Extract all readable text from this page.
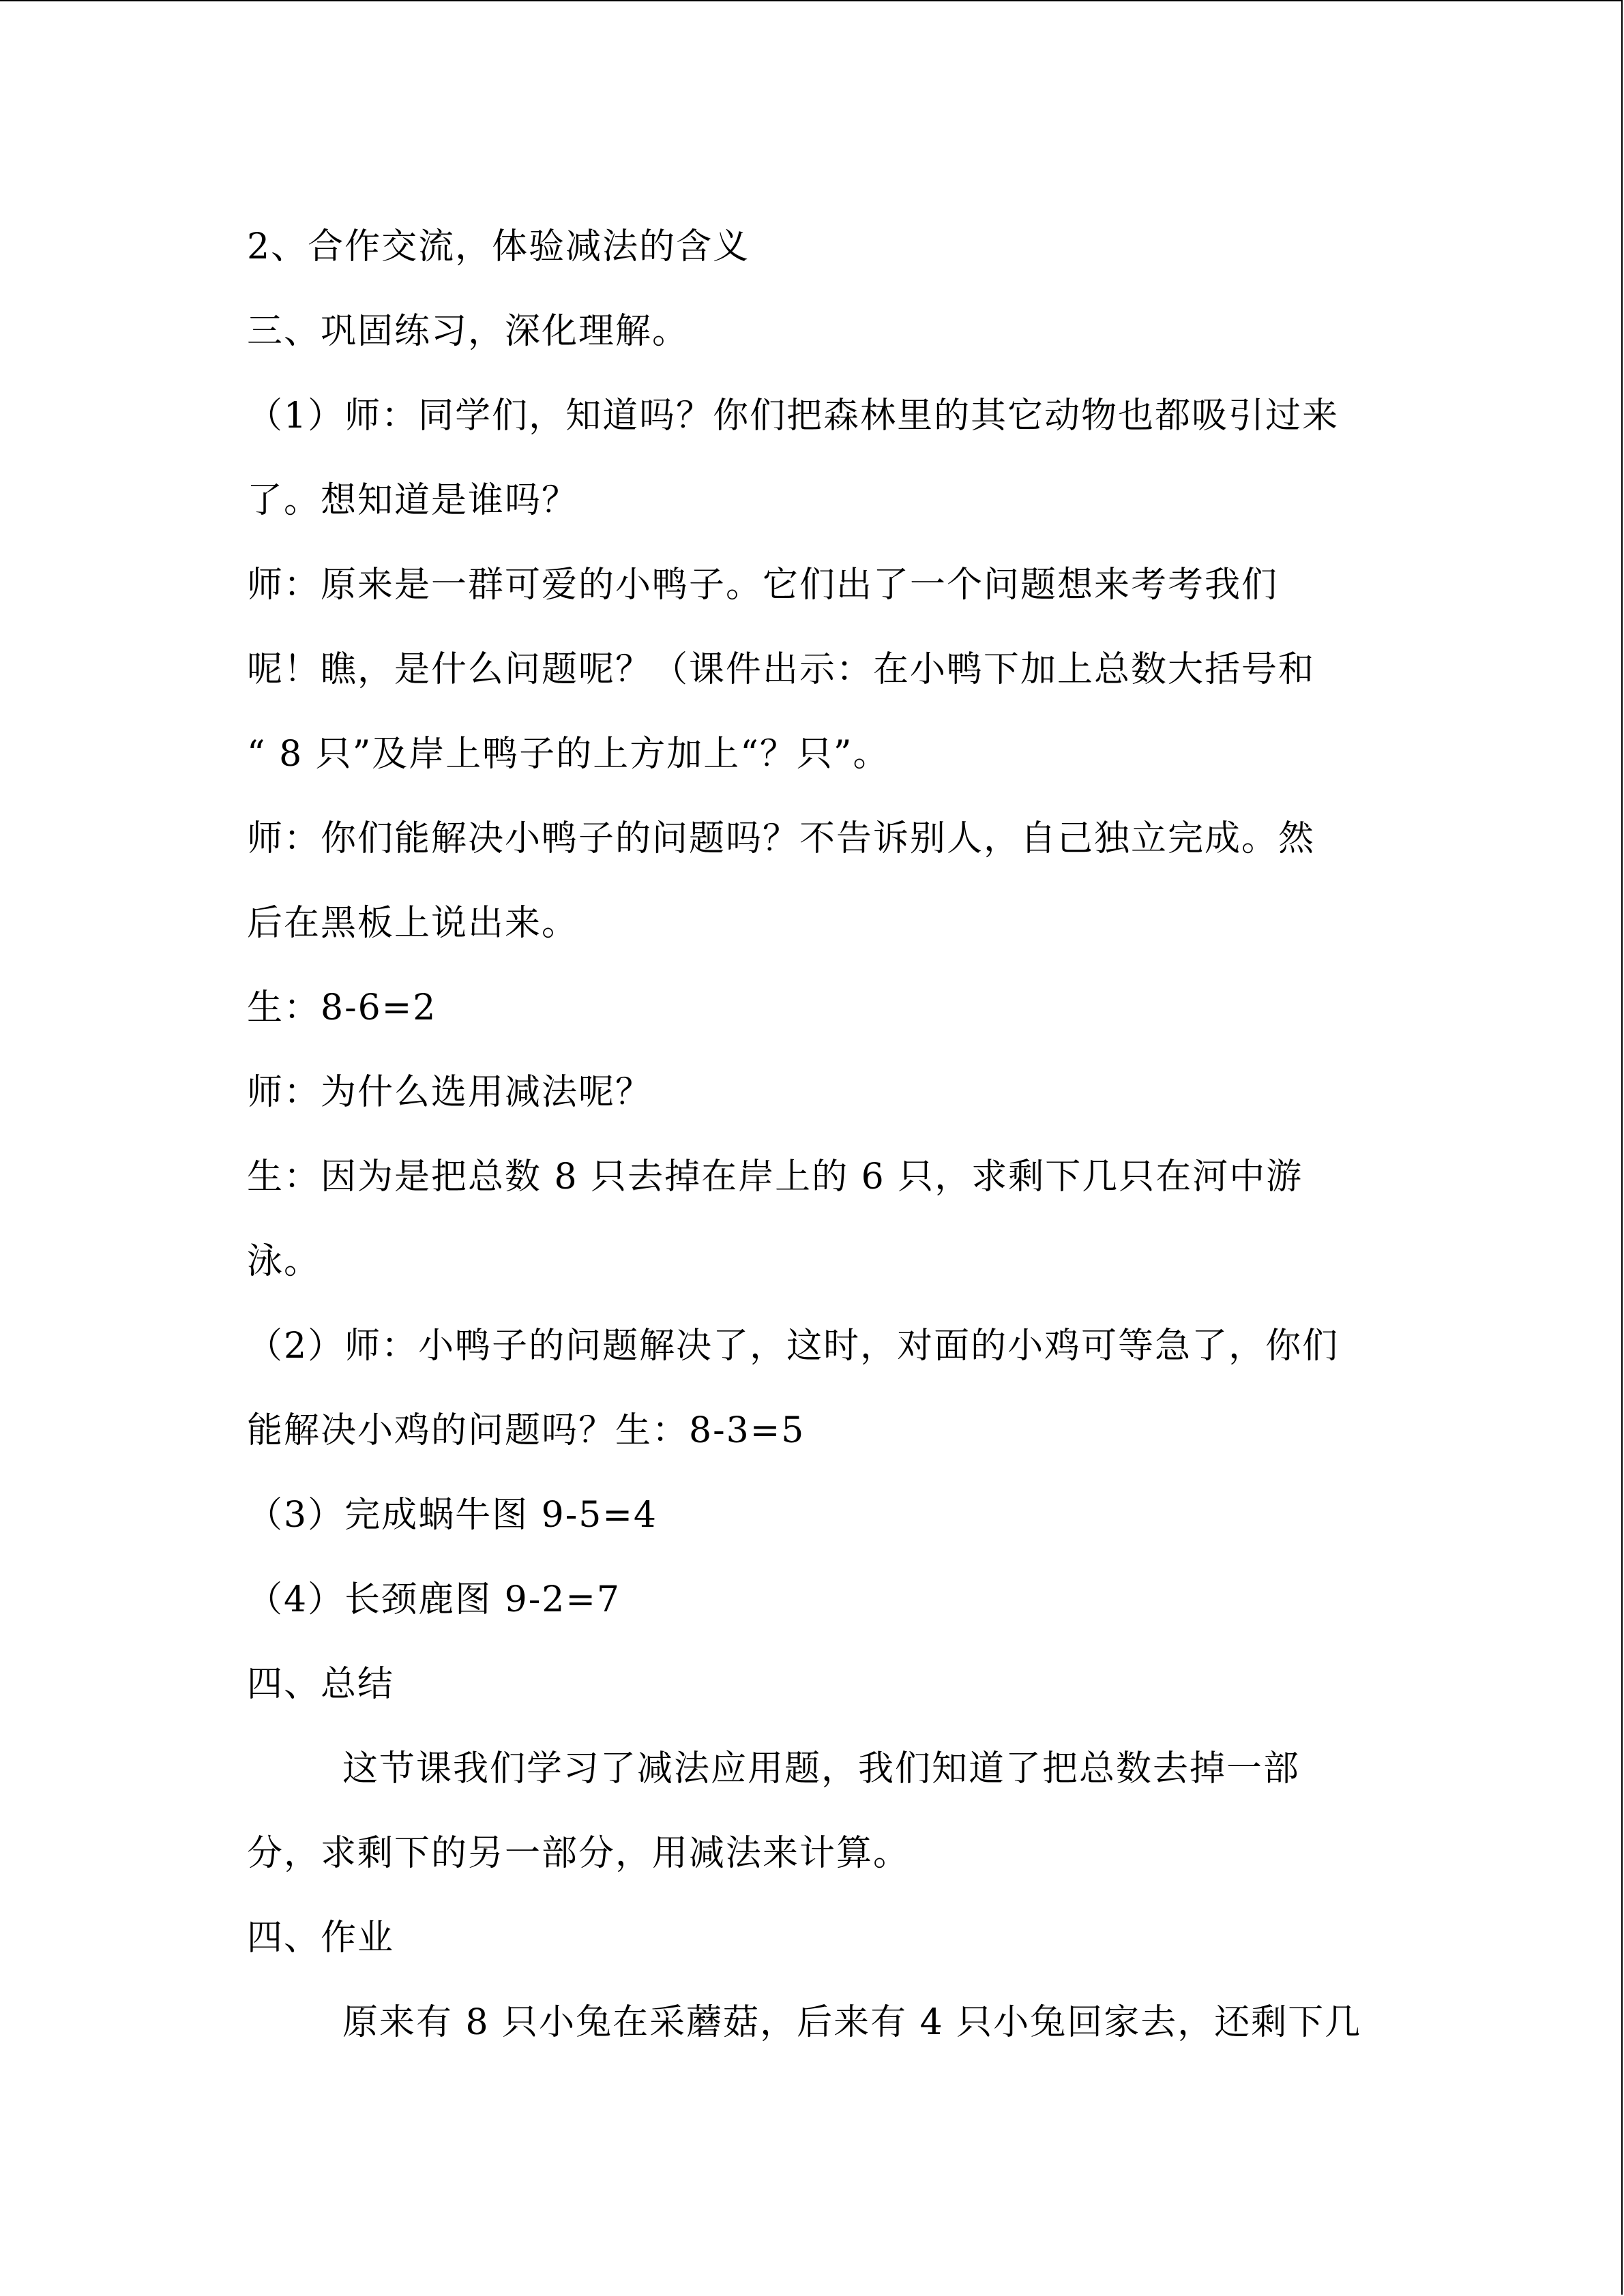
2、合作交流，体验减法的含义
三、巩固练习，深化理解。
（1）师：同学们，知道吗？你们把森林里的其它动物也都吸引过来
了。想知道是谁吗？
师：原来是一群可爱的小鸭子。它们出了一个问题想来考考我们
呢！瞧，是什么问题呢？（课件出示：在小鸭下加上总数大括号和
“ 8 只”及岸上鸭子的上方加上“？只”。
师：你们能解决小鸭子的问题吗？不告诉别人，自己独立完成。然
后在黑板上说出来。
生：8-6=2
师：为什么选用减法呢？
生：因为是把总数 8 只去掉在岸上的 6 只，求剩下几只在河中游
泳。
（2）师：小鸭子的问题解决了，这时，对面的小鸡可等急了，你们
能解决小鸡的问题吗？生：8-3=5
（3）完成蜗牛图 9-5=4
（4）长颈鹿图 9-2=7
四、总结
这节课我们学习了减法应用题，我们知道了把总数去掉一部
分，求剩下的另一部分，用减法来计算。
四、作业
原来有 8 只小兔在采蘑菇，后来有 4 只小兔回家去，还剩下几
